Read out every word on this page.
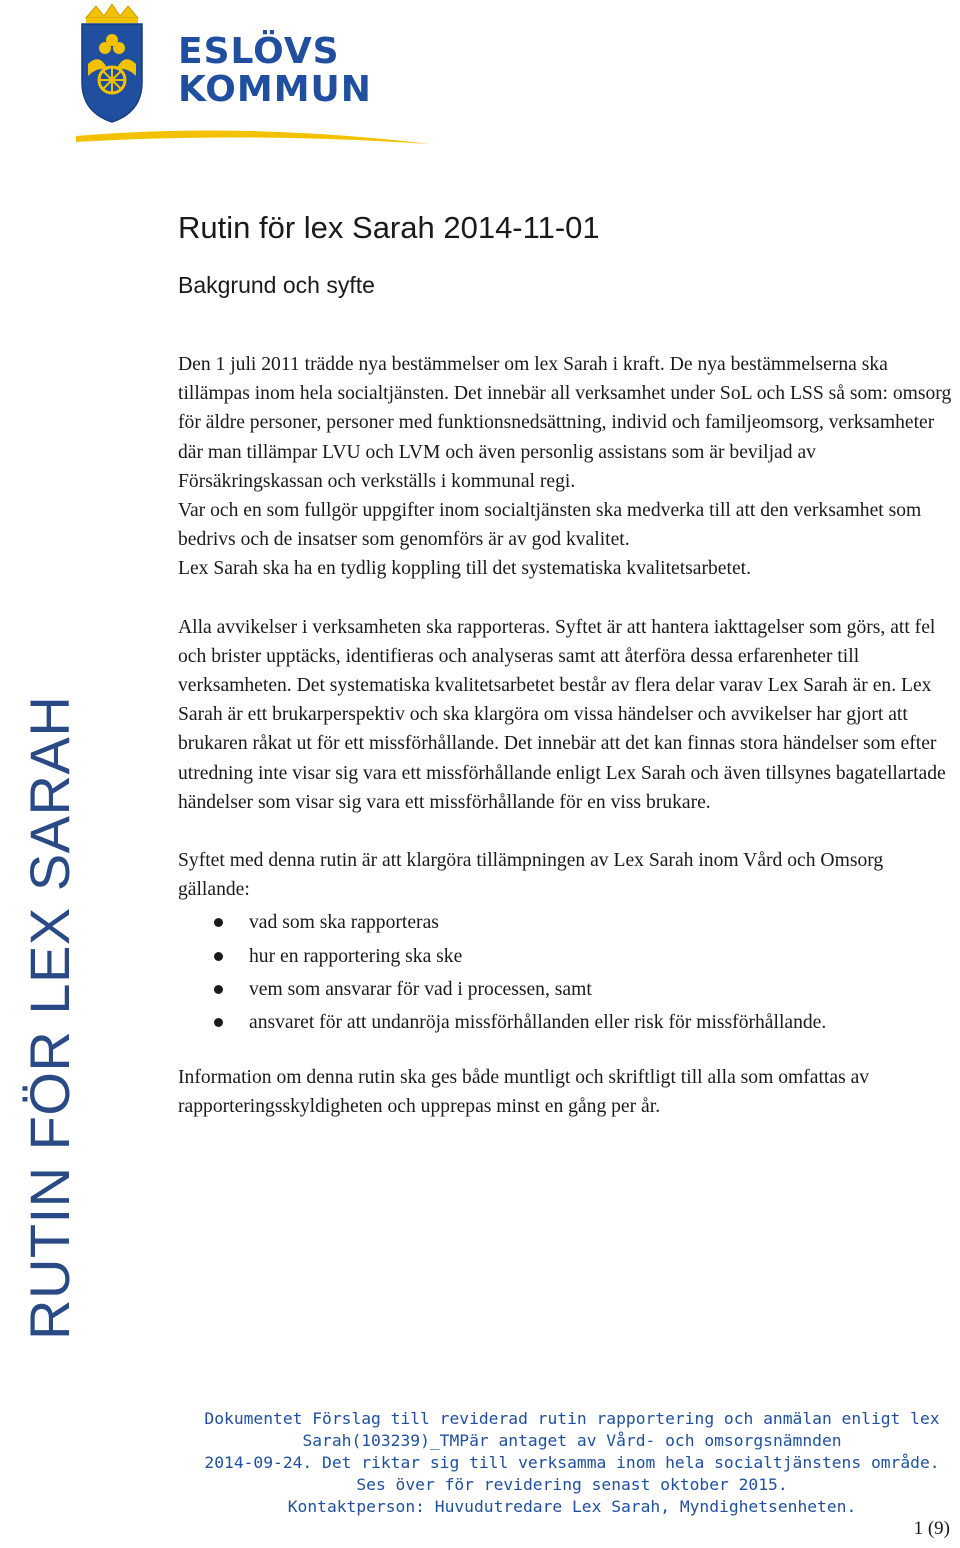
ESLÖVS
KOMMUN
RUTIN FÖR LEX SARAH
Rutin för lex Sarah 2014-11-01
Bakgrund och syfte

Den 1 juli 2011 trädde nya bestämmelser om lex Sarah i kraft. De nya bestämmelserna ska tillämpas inom hela socialtjänsten. Det innebär all verksamhet under SoL och LSS så som: omsorg för äldre personer, personer med funktionsnedsättning, individ och familjeomsorg, verksamheter där man tillämpar LVU och LVM och även personlig assistans som är beviljad av Försäkringskassan och verkställs i kommunal regi.

Var och en som fullgör uppgifter inom socialtjänsten ska medverka till att den verksamhet som bedrivs och de insatser som genomförs är av god kvalitet.

Lex Sarah ska ha en tydlig koppling till det systematiska kvalitetsarbetet.

Alla avvikelser i verksamheten ska rapporteras. Syftet är att hantera iakttagelser som görs, att fel och brister upptäcks, identifieras och analyseras samt att återföra dessa erfarenheter till verksamheten. Det systematiska kvalitetsarbetet består av flera delar varav Lex Sarah är en. Lex Sarah är ett brukarperspektiv och ska klargöra om vissa händelser och avvikelser har gjort att brukaren råkat ut för ett missförhållande. Det innebär att det kan finnas stora händelser som efter utredning inte visar sig vara ett missförhållande enligt Lex Sarah och även tillsynes bagatellartade händelser som visar sig vara ett missförhållande för en viss brukare.

Syftet med denna rutin är att klargöra tillämpningen av Lex Sarah inom Vård och Omsorg gällande:

vad som ska rapporteras
hur en rapportering ska ske
vem som ansvarar för vad i processen, samt
ansvaret för att undanröja missförhållanden eller risk för missförhållande.

Information om denna rutin ska ges både muntligt och skriftligt till alla som omfattas av rapporteringsskyldigheten och upprepas minst en gång per år.

Dokumentet Förslag till reviderad rutin rapportering och anmälan enligt lex
Sarah(103239)_TMPär antaget av Vård- och omsorgsnämnden
2014-09-24. Det riktar sig till verksamma inom hela socialtjänstens område.
Ses över för revidering senast oktober 2015.
Kontaktperson: Huvudutredare Lex Sarah, Myndighetsenheten.
1 (9)
